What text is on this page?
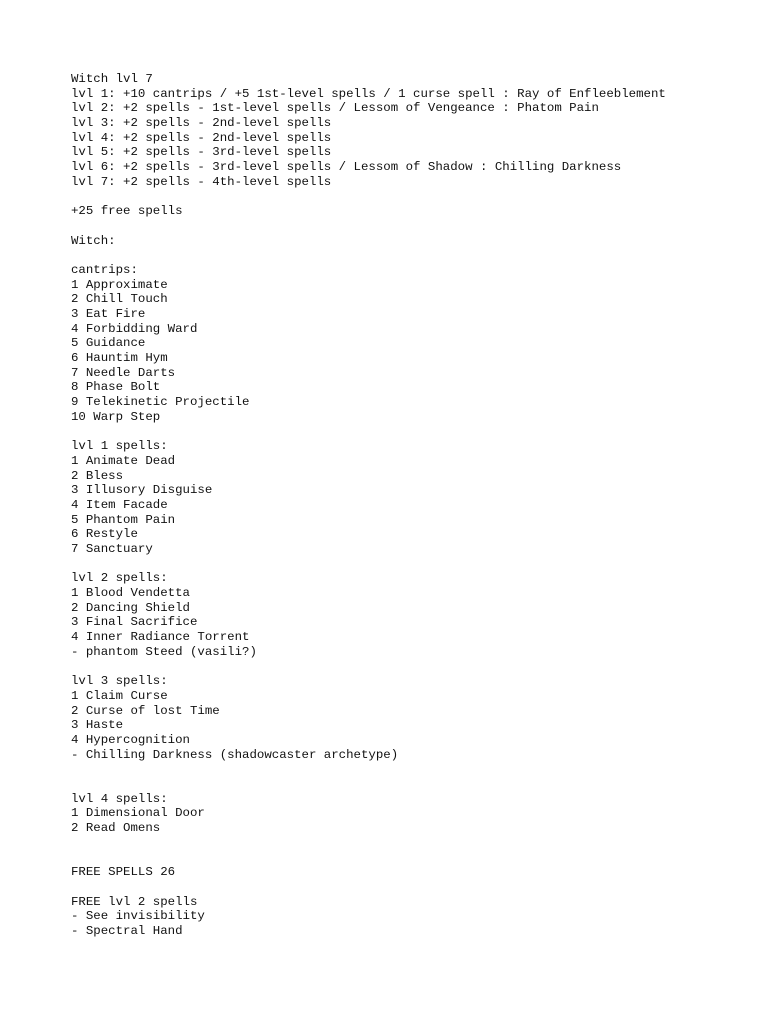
Witch lvl 7
lvl 1: +10 cantrips / +5 1st-level spells / 1 curse spell : Ray of Enfleeblement
lvl 2: +2 spells - 1st-level spells / Lessom of Vengeance : Phatom Pain
lvl 3: +2 spells - 2nd-level spells
lvl 4: +2 spells - 2nd-level spells
lvl 5: +2 spells - 3rd-level spells
lvl 6: +2 spells - 3rd-level spells / Lessom of Shadow : Chilling Darkness
lvl 7: +2 spells - 4th-level spells
+25 free spells
Witch:
cantrips:
1 Approximate
2 Chill Touch
3 Eat Fire
4 Forbidding Ward
5 Guidance
6 Hauntim Hym
7 Needle Darts
8 Phase Bolt
9 Telekinetic Projectile
10 Warp Step
lvl 1 spells:
1 Animate Dead
2 Bless
3 Illusory Disguise
4 Item Facade
5 Phantom Pain
6 Restyle
7 Sanctuary
lvl 2 spells:
1 Blood Vendetta
2 Dancing Shield
3 Final Sacrifice
4 Inner Radiance Torrent
- phantom Steed (vasili?)
lvl 3 spells:
1 Claim Curse
2 Curse of lost Time
3 Haste
4 Hypercognition
- Chilling Darkness (shadowcaster archetype)
lvl 4 spells:
1 Dimensional Door
2 Read Omens
FREE SPELLS 26
FREE lvl 2 spells
- See invisibility
- Spectral Hand
